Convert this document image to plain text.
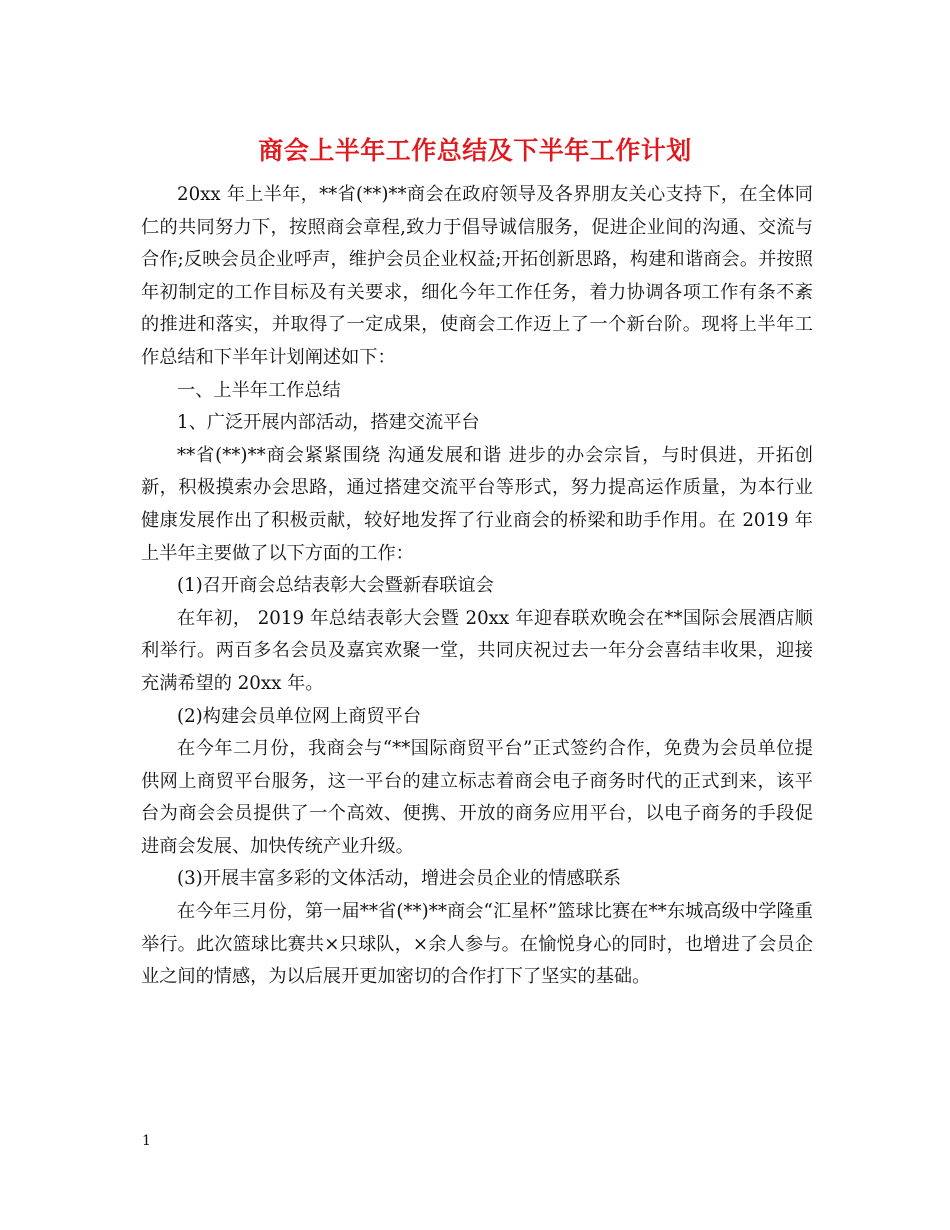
商会上半年工作总结及下半年工作计划

20xx 年上半年，**省(**)**商会在政府领导及各界朋友关心支持下，在全体同仁的共同努力下，按照商会章程,致力于倡导诚信服务，促进企业间的沟通、交流与合作;反映会员企业呼声，维护会员企业权益;开拓创新思路，构建和谐商会。并按照年初制定的工作目标及有关要求，细化今年工作任务，着力协调各项工作有条不紊的推进和落实，并取得了一定成果，使商会工作迈上了一个新台阶。现将上半年工作总结和下半年计划阐述如下：

一、上半年工作总结

1、广泛开展内部活动，搭建交流平台

**省(**)**商会紧紧围绕 沟通发展和谐 进步的办会宗旨，与时俱进，开拓创新，积极摸索办会思路，通过搭建交流平台等形式，努力提高运作质量，为本行业健康发展作出了积极贡献，较好地发挥了行业商会的桥梁和助手作用。在 2019 年上半年主要做了以下方面的工作：

(1)召开商会总结表彰大会暨新春联谊会

在年初， 2019 年总结表彰大会暨 20xx 年迎春联欢晚会在**国际会展酒店顺利举行。两百多名会员及嘉宾欢聚一堂，共同庆祝过去一年分会喜结丰收果，迎接充满希望的 20xx 年。

(2)构建会员单位网上商贸平台

在今年二月份，我商会与“**国际商贸平台”正式签约合作，免费为会员单位提供网上商贸平台服务，这一平台的建立标志着商会电子商务时代的正式到来，该平台为商会会员提供了一个高效、便携、开放的商务应用平台，以电子商务的手段促进商会发展、加快传统产业升级。

(3)开展丰富多彩的文体活动，增进会员企业的情感联系

在今年三月份，第一届**省(**)**商会“汇星杯”篮球比赛在**东城高级中学隆重举行。此次篮球比赛共×只球队，×余人参与。在愉悦身心的同时，也增进了会员企业之间的情感，为以后展开更加密切的合作打下了坚实的基础。

1
